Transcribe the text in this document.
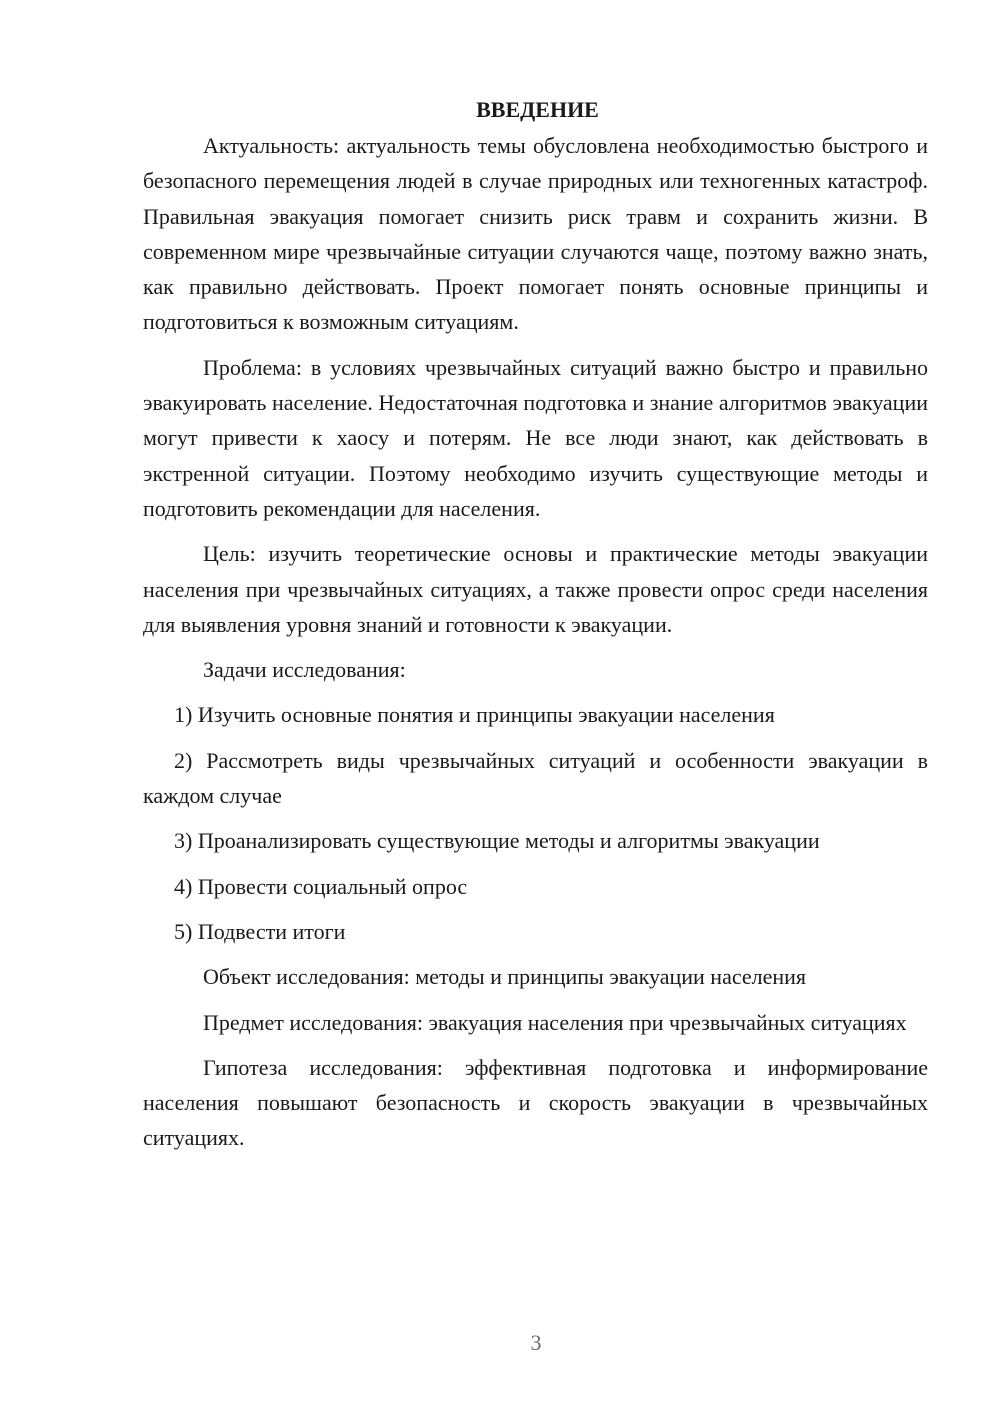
ВВЕДЕНИЕ

Актуальность: актуальность темы обусловлена необходимостью быстрого и безопасного перемещения людей в случае природных или техногенных катастроф. Правильная эвакуация помогает снизить риск травм и сохранить жизни. В современном мире чрезвычайные ситуации случаются чаще, поэтому важно знать, как правильно действовать. Проект помогает понять основные принципы и подготовиться к возможным ситуациям.

Проблема: в условиях чрезвычайных ситуаций важно быстро и правильно эвакуировать население. Недостаточная подготовка и знание алгоритмов эвакуации могут привести к хаосу и потерям. Не все люди знают, как действовать в экстренной ситуации. Поэтому необходимо изучить существующие методы и подготовить рекомендации для населения.

Цель: изучить теоретические основы и практические методы эвакуации населения при чрезвычайных ситуациях, а также провести опрос среди населения для выявления уровня знаний и готовности к эвакуации.

Задачи исследования:

1) Изучить основные понятия и принципы эвакуации населения

2) Рассмотреть виды чрезвычайных ситуаций и особенности эвакуации в каждом случае

3) Проанализировать существующие методы и алгоритмы эвакуации

4) Провести социальный опрос

5) Подвести итоги

Объект исследования: методы и принципы эвакуации населения

Предмет исследования: эвакуация населения при чрезвычайных ситуациях

Гипотеза исследования: эффективная подготовка и информирование населения повышают безопасность и скорость эвакуации в чрезвычайных ситуациях.

3
